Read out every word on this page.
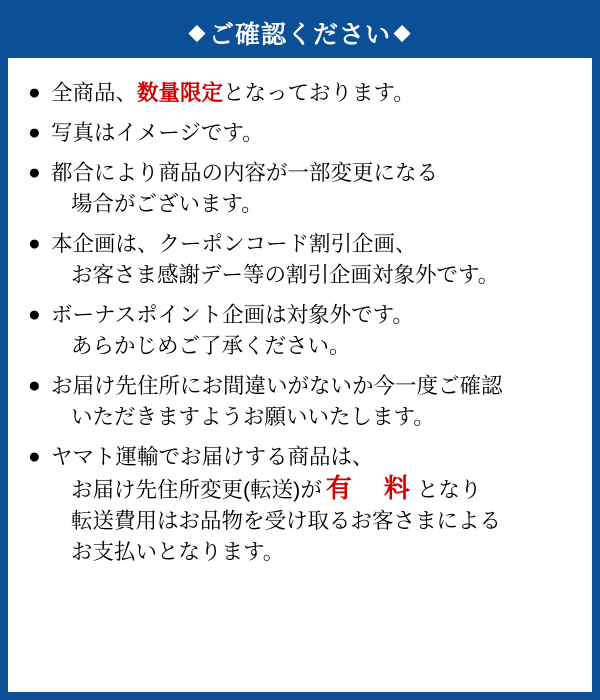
◆ ご確認ください ◆
● 全商品、数量限定となっております。
● 写真はイメージです。
● 都合により商品の内容が一部変更になる
場合がございます。
● 本企画は、クーポンコード割引企画、
お客さま感謝デー等の割引企画対象外です。
● ボーナスポイント企画は対象外です。
あらかじめご了承ください。
● お届け先住所にお間違いがないか今一度ご確認
いただきますようお願いいたします。
● ヤマト運輸でお届けする商品は、
お届け先住所変更(転送)が 有　料 となり
転送費用はお品物を受け取るお客さまによる
お支払いとなります。
